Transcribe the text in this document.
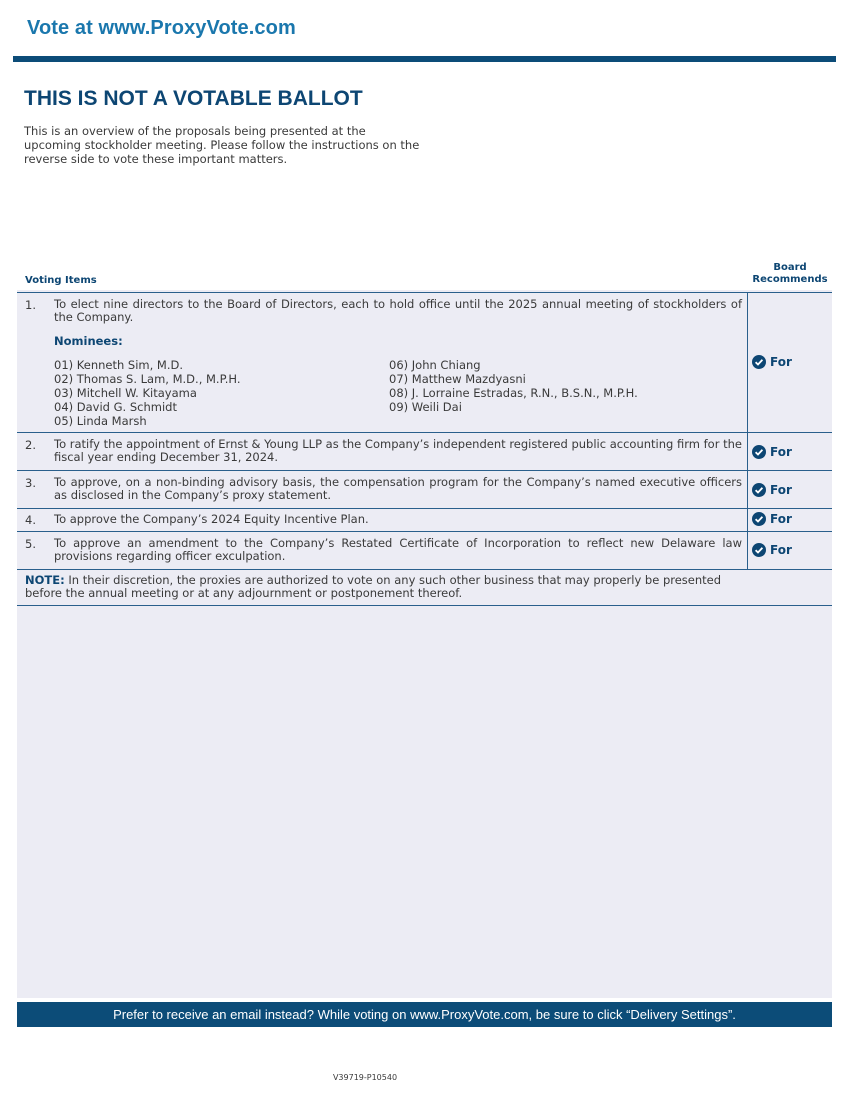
Vote at www.ProxyVote.com
THIS IS NOT A VOTABLE BALLOT
This is an overview of the proposals being presented at the upcoming stockholder meeting. Please follow the instructions on the reverse side to vote these important matters.
Voting Items
Board
Recommends
1. To elect nine directors to the Board of Directors, each to hold office until the 2025 annual meeting of stockholders of the Company.
Nominees:
01) Kenneth Sim, M.D.
02) Thomas S. Lam, M.D., M.P.H.
03) Mitchell W. Kitayama
04) David G. Schmidt
05) Linda Marsh
06) John Chiang
07) Matthew Mazdyasni
08) J. Lorraine Estradas, R.N., B.S.N., M.P.H.
09) Weili Dai
For
2. To ratify the appointment of Ernst & Young LLP as the Company’s independent registered public accounting firm for the fiscal year ending December 31, 2024.	For
3. To approve, on a non-binding advisory basis, the compensation program for the Company’s named executive officers as disclosed in the Company’s proxy statement.	For
4. To approve the Company’s 2024 Equity Incentive Plan.	For
5. To approve an amendment to the Company’s Restated Certificate of Incorporation to reflect new Delaware law provisions regarding officer exculpation.	For
NOTE: In their discretion, the proxies are authorized to vote on any such other business that may properly be presented before the annual meeting or at any adjournment or postponement thereof.
Prefer to receive an email instead? While voting on www.ProxyVote.com, be sure to click “Delivery Settings”.
V39719-P10540
